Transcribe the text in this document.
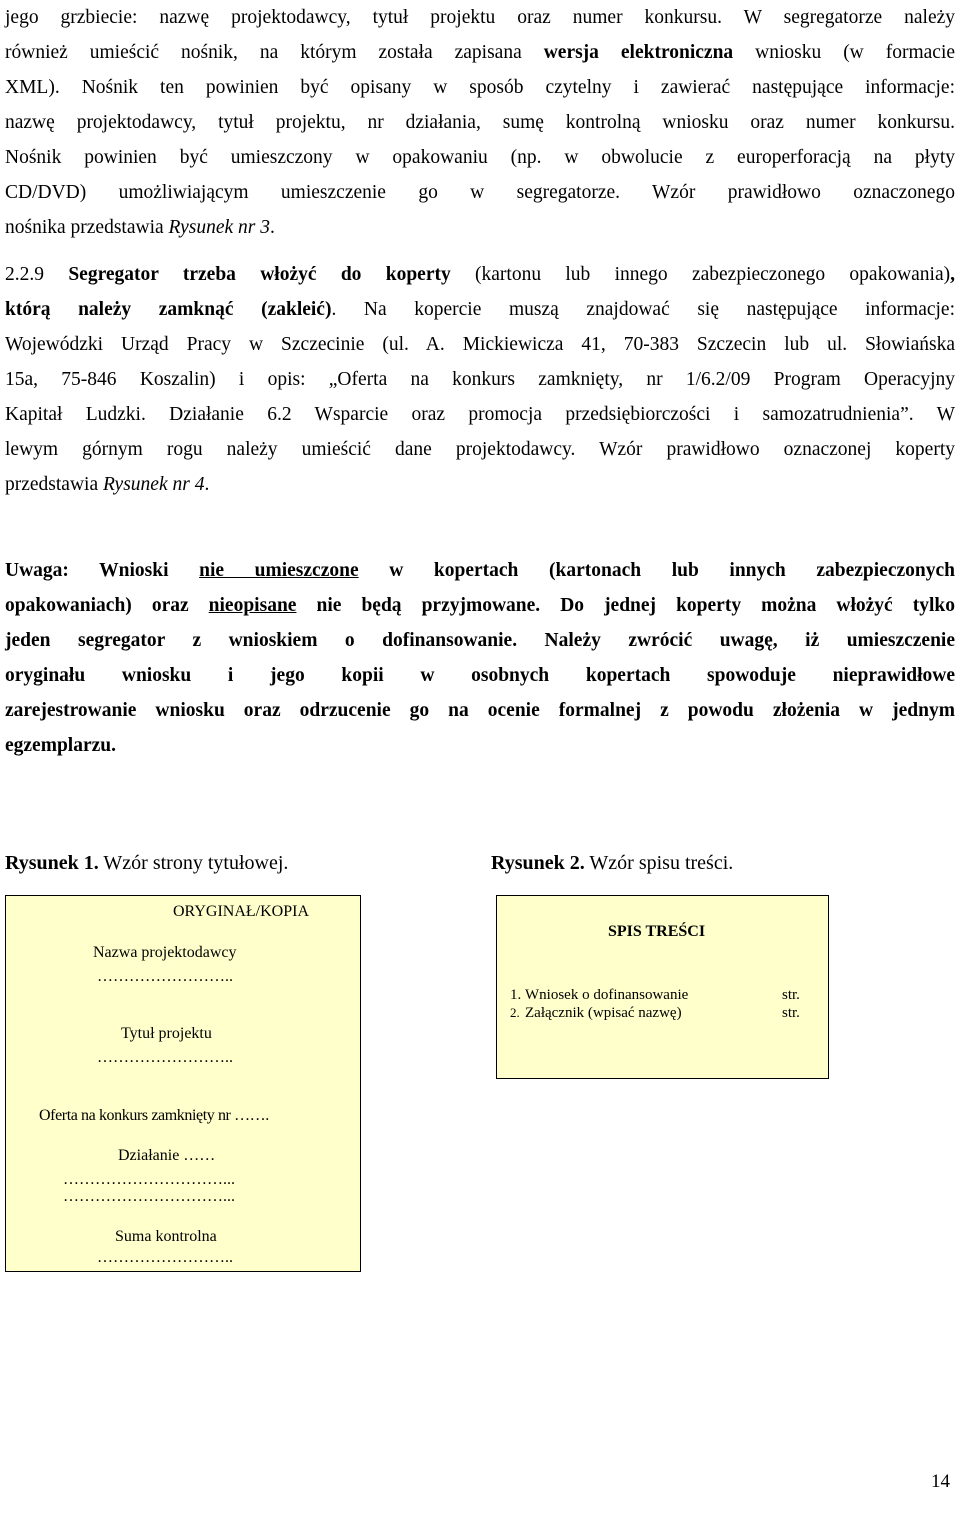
jego grzbiecie: nazwę projektodawcy, tytuł projektu oraz numer konkursu. W segregatorze należy
również umieścić nośnik, na którym została zapisana wersja elektroniczna wniosku (w formacie
XML). Nośnik ten powinien być opisany w sposób czytelny i zawierać następujące informacje:
nazwę projektodawcy, tytuł projektu, nr działania, sumę kontrolną wniosku oraz numer konkursu.
Nośnik powinien być umieszczony w opakowaniu (np. w obwolucie z europerforacją na płyty
CD/DVD) umożliwiającym umieszczenie go w segregatorze. Wzór prawidłowo oznaczonego
nośnika przedstawia Rysunek nr 3.
2.2.9 Segregator trzeba włożyć do koperty (kartonu lub innego zabezpieczonego opakowania),
którą należy zamknąć (zakleić). Na kopercie muszą znajdować się następujące informacje:
Wojewódzki Urząd Pracy w Szczecinie (ul. A. Mickiewicza 41, 70-383 Szczecin lub ul. Słowiańska
15a, 75-846 Koszalin) i opis: „Oferta na konkurs zamknięty, nr 1/6.2/09 Program Operacyjny
Kapitał Ludzki. Działanie 6.2 Wsparcie oraz promocja przedsiębiorczości i samozatrudnienia”. W
lewym górnym rogu należy umieścić dane projektodawcy. Wzór prawidłowo oznaczonej koperty
przedstawia Rysunek nr 4.
Uwaga: Wnioski nie umieszczone w kopertach (kartonach lub innych zabezpieczonych
opakowaniach) oraz nieopisane nie będą przyjmowane. Do jednej koperty można włożyć tylko
jeden segregator z wnioskiem o dofinansowanie. Należy zwrócić uwagę, iż umieszczenie
oryginału wniosku i jego kopii w osobnych kopertach spowoduje nieprawidłowe
zarejestrowanie wniosku oraz odrzucenie go na ocenie formalnej z powodu złożenia w jednym
egzemplarzu.
Rysunek 1. Wzór strony tytułowej.	Rysunek 2. Wzór spisu treści.
ORYGINAŁ/KOPIA
Nazwa projektodawcy
……………………..
Tytuł projektu
……………………..
Oferta na konkurs zamknięty nr …….
Działanie ……
…………………………...
…………………………...
Suma kontrolna
……………………..
SPIS TREŚCI
1. Wniosek o dofinansowanie	str.
2. Załącznik (wpisać nazwę)	str.
14
